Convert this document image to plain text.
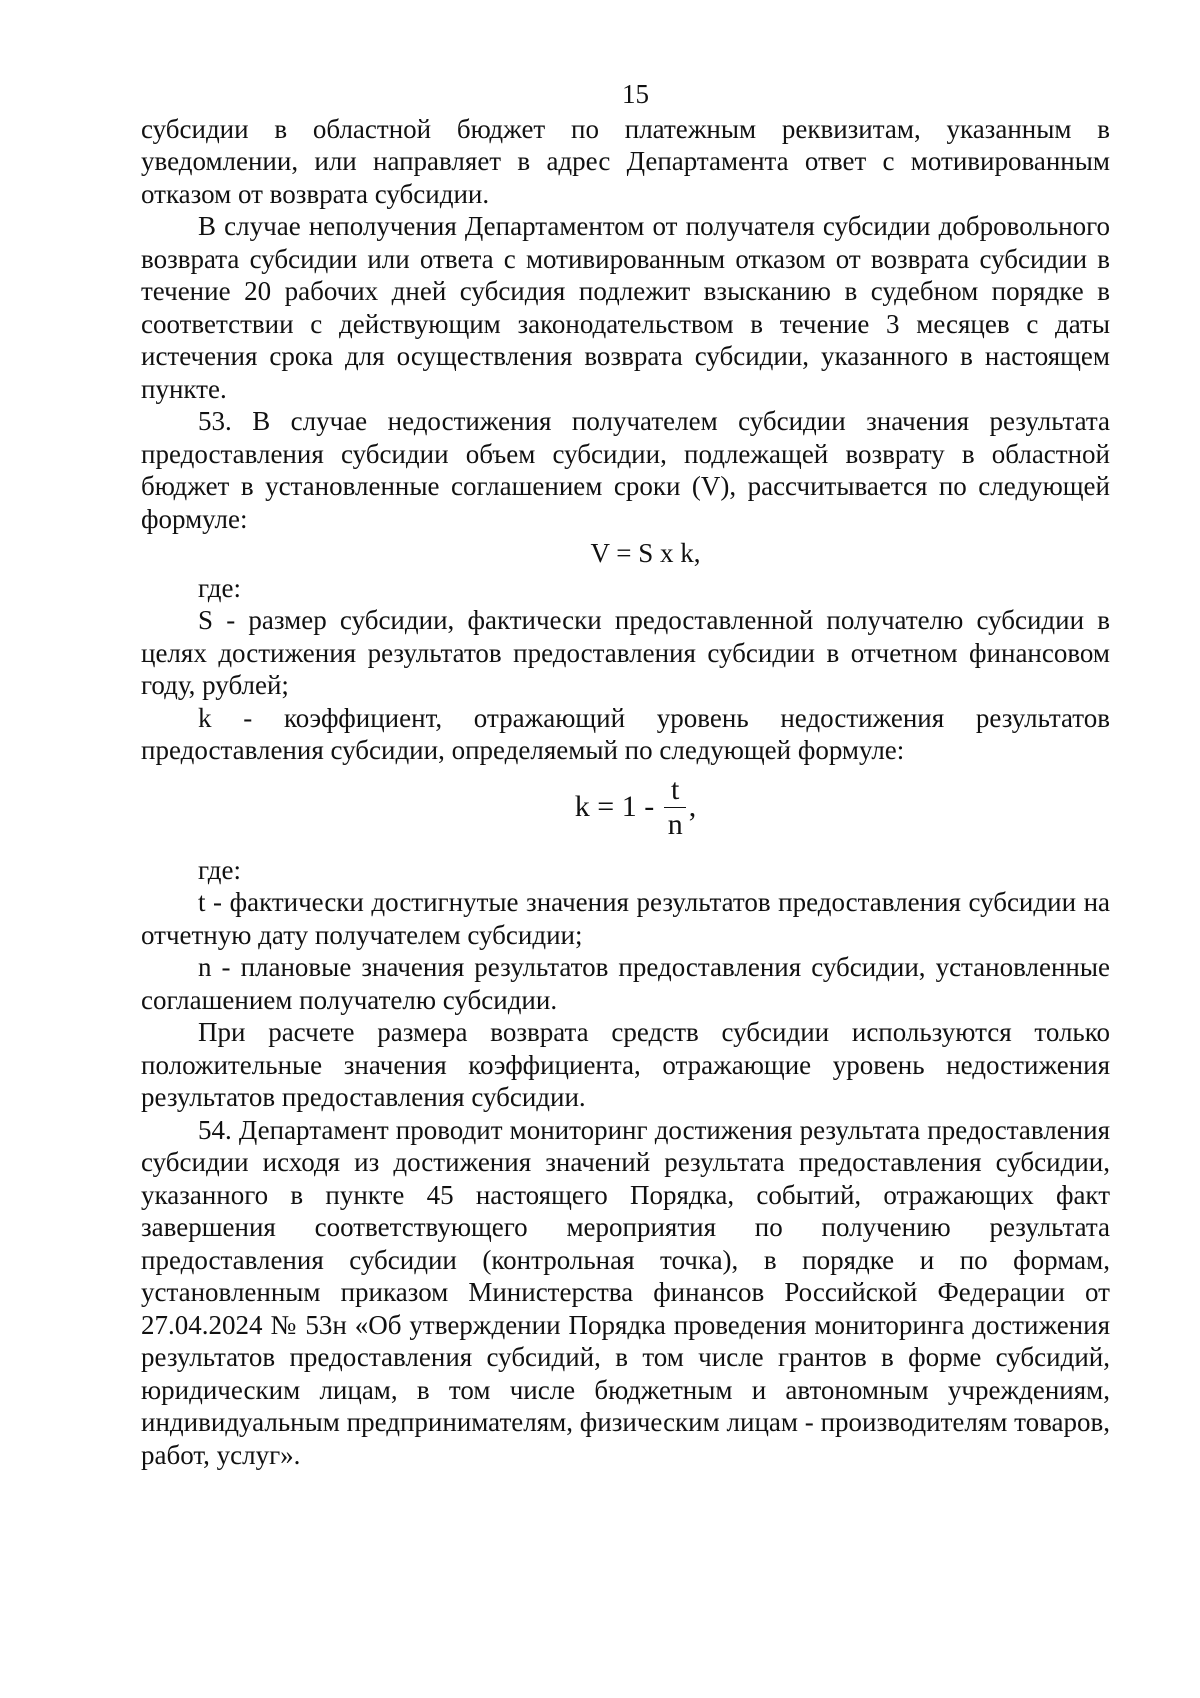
15

субсидии в областной бюджет по платежным реквизитам, указанным в уведомлении, или направляет в адрес Департамента ответ с мотивированным отказом от возврата субсидии.

В случае неполучения Департаментом от получателя субсидии добровольного возврата субсидии или ответа с мотивированным отказом от возврата субсидии в течение 20 рабочих дней субсидия подлежит взысканию в судебном порядке в соответствии с действующим законодательством в течение 3 месяцев с даты истечения срока для осуществления возврата субсидии, указанного в настоящем пункте.

53. В случае недостижения получателем субсидии значения результата предоставления субсидии объем субсидии, подлежащей возврату в областной бюджет в установленные соглашением сроки (V), рассчитывается по следующей формуле:

V = S x k,

где:

S - размер субсидии, фактически предоставленной получателю субсидии в целях достижения результатов предоставления субсидии в отчетном финансовом году, рублей;

k - коэффициент, отражающий уровень недостижения результатов предоставления субсидии, определяемый по следующей формуле:

$k = 1 - \frac{t}{n}$ ,

где:

t - фактически достигнутые значения результатов предоставления субсидии на отчетную дату получателем субсидии;

n - плановые значения результатов предоставления субсидии, установленные соглашением получателю субсидии.

При расчете размера возврата средств субсидии используются только положительные значения коэффициента, отражающие уровень недостижения результатов предоставления субсидии.

54. Департамент проводит мониторинг достижения результата предоставления субсидии исходя из достижения значений результата предоставления субсидии, указанного в пункте 45 настоящего Порядка, событий, отражающих факт завершения соответствующего мероприятия по получению результата предоставления субсидии (контрольная точка), в порядке и по формам, установленным приказом Министерства финансов Российской Федерации от 27.04.2024 № 53н «Об утверждении Порядка проведения мониторинга достижения результатов предоставления субсидий, в том числе грантов в форме субсидий, юридическим лицам, в том числе бюджетным и автономным учреждениям, индивидуальным предпринимателям, физическим лицам - производителям товаров, работ, услуг».
